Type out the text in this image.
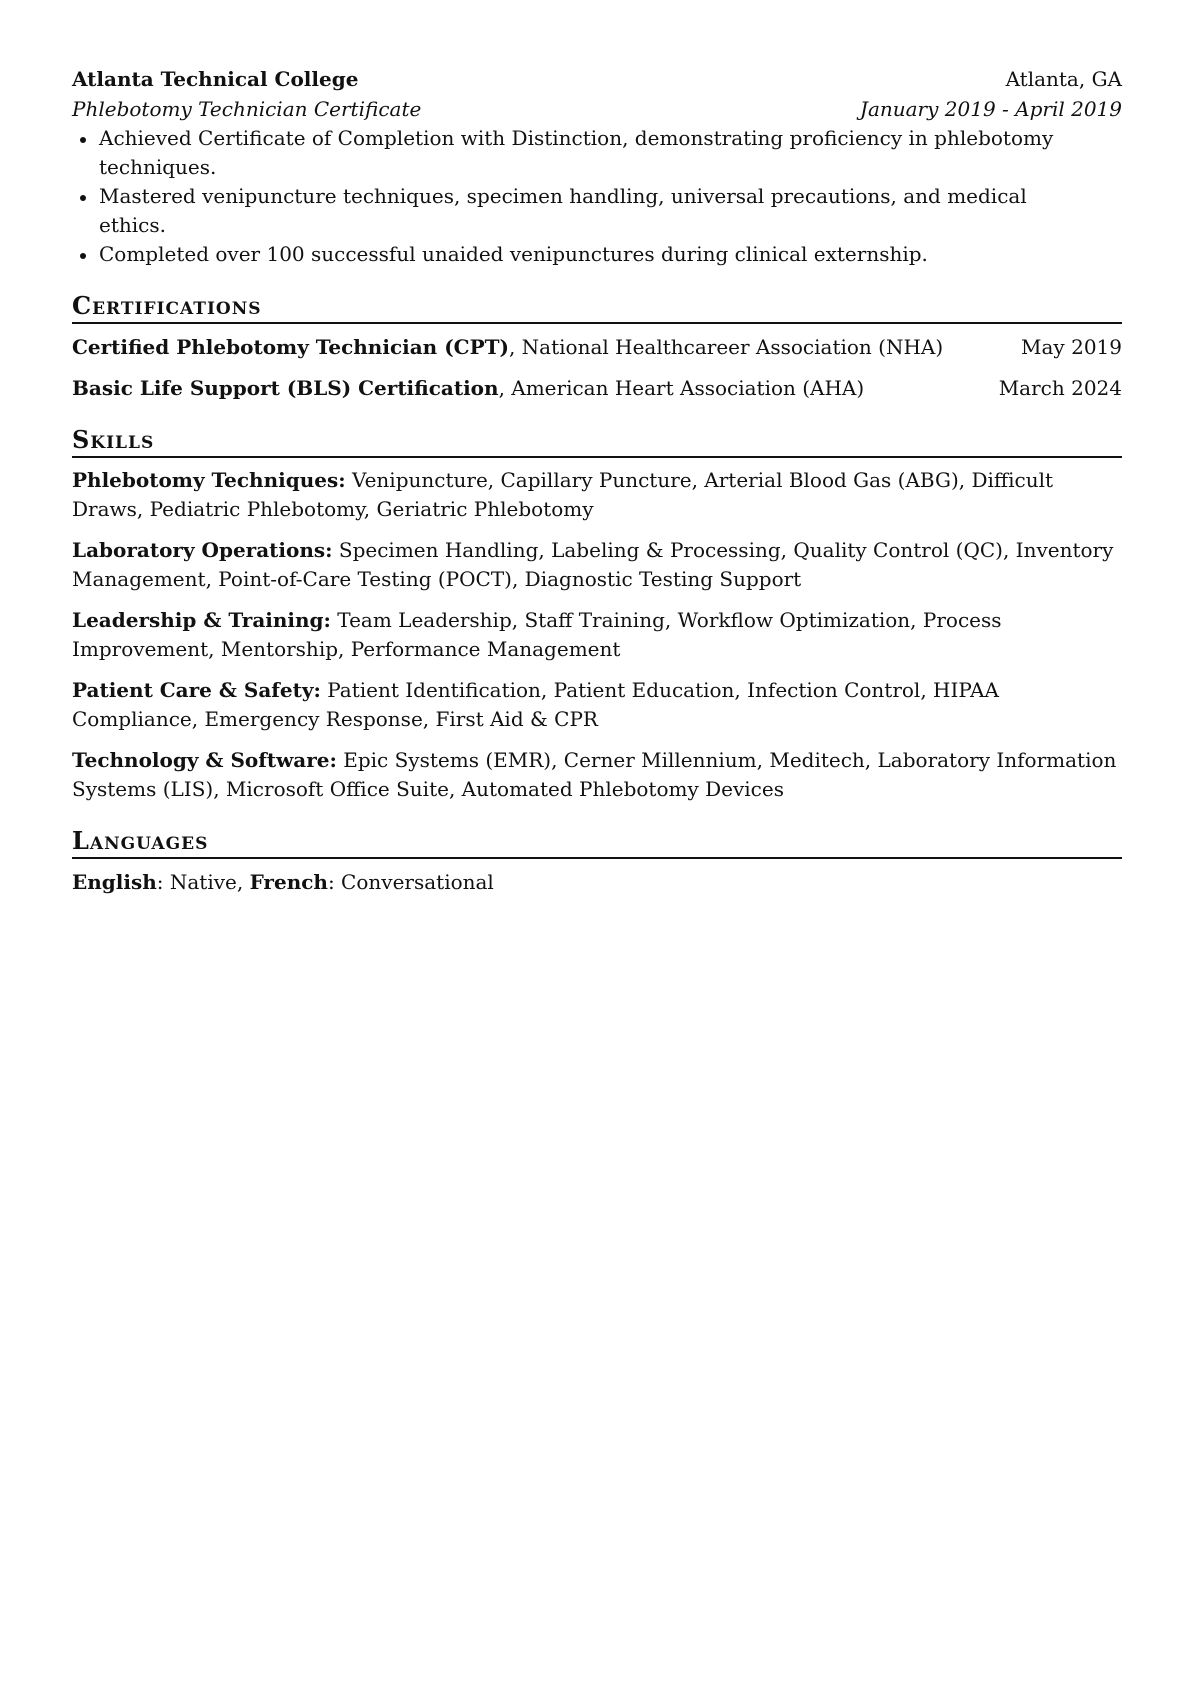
Atlanta Technical College	Atlanta, GA
Phlebotomy Technician Certificate	January 2019 - April 2019
Achieved Certificate of Completion with Distinction, demonstrating proficiency in phlebotomy techniques.
Mastered venipuncture techniques, specimen handling, universal precautions, and medical ethics.
Completed over 100 successful unaided venipunctures during clinical externship.
Certifications
Certified Phlebotomy Technician (CPT), National Healthcareer Association (NHA)	May 2019
Basic Life Support (BLS) Certification, American Heart Association (AHA)	March 2024
Skills
Phlebotomy Techniques: Venipuncture, Capillary Puncture, Arterial Blood Gas (ABG), Difficult Draws, Pediatric Phlebotomy, Geriatric Phlebotomy
Laboratory Operations: Specimen Handling, Labeling & Processing, Quality Control (QC), Inventory Management, Point-of-Care Testing (POCT), Diagnostic Testing Support
Leadership & Training: Team Leadership, Staff Training, Workflow Optimization, Process Improvement, Mentorship, Performance Management
Patient Care & Safety: Patient Identification, Patient Education, Infection Control, HIPAA Compliance, Emergency Response, First Aid & CPR
Technology & Software: Epic Systems (EMR), Cerner Millennium, Meditech, Laboratory Information Systems (LIS), Microsoft Office Suite, Automated Phlebotomy Devices
Languages
English: Native, French: Conversational
